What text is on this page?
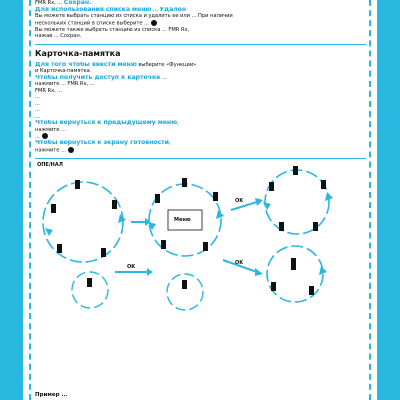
FMR Rx, ... Сохран.
Для использования списка меню ... Удален
Вы можете выбрать станцию из списка и удалить ее или ... При наличии
нескольких станций в списке выберите ...
Вы можете также выбрать станцию из списка ... FMR Rx,
нажав ... Сохран.
Карточка-памятка
Для того чтобы ввести меню выберите «Функции»
и Карточка-памятка.
Чтобы получить доступ к карточке ...
нажмите ... FMR Rx, ...
FMR Rx, ...
...
...
...
...
Чтобы вернуться к предыдущему меню,
нажмите ...
...
Чтобы вернуться к экрану готовности,
нажмите ...
ОПЕ/НАЛ
Меню
OK
OK
OK
Пример ...
